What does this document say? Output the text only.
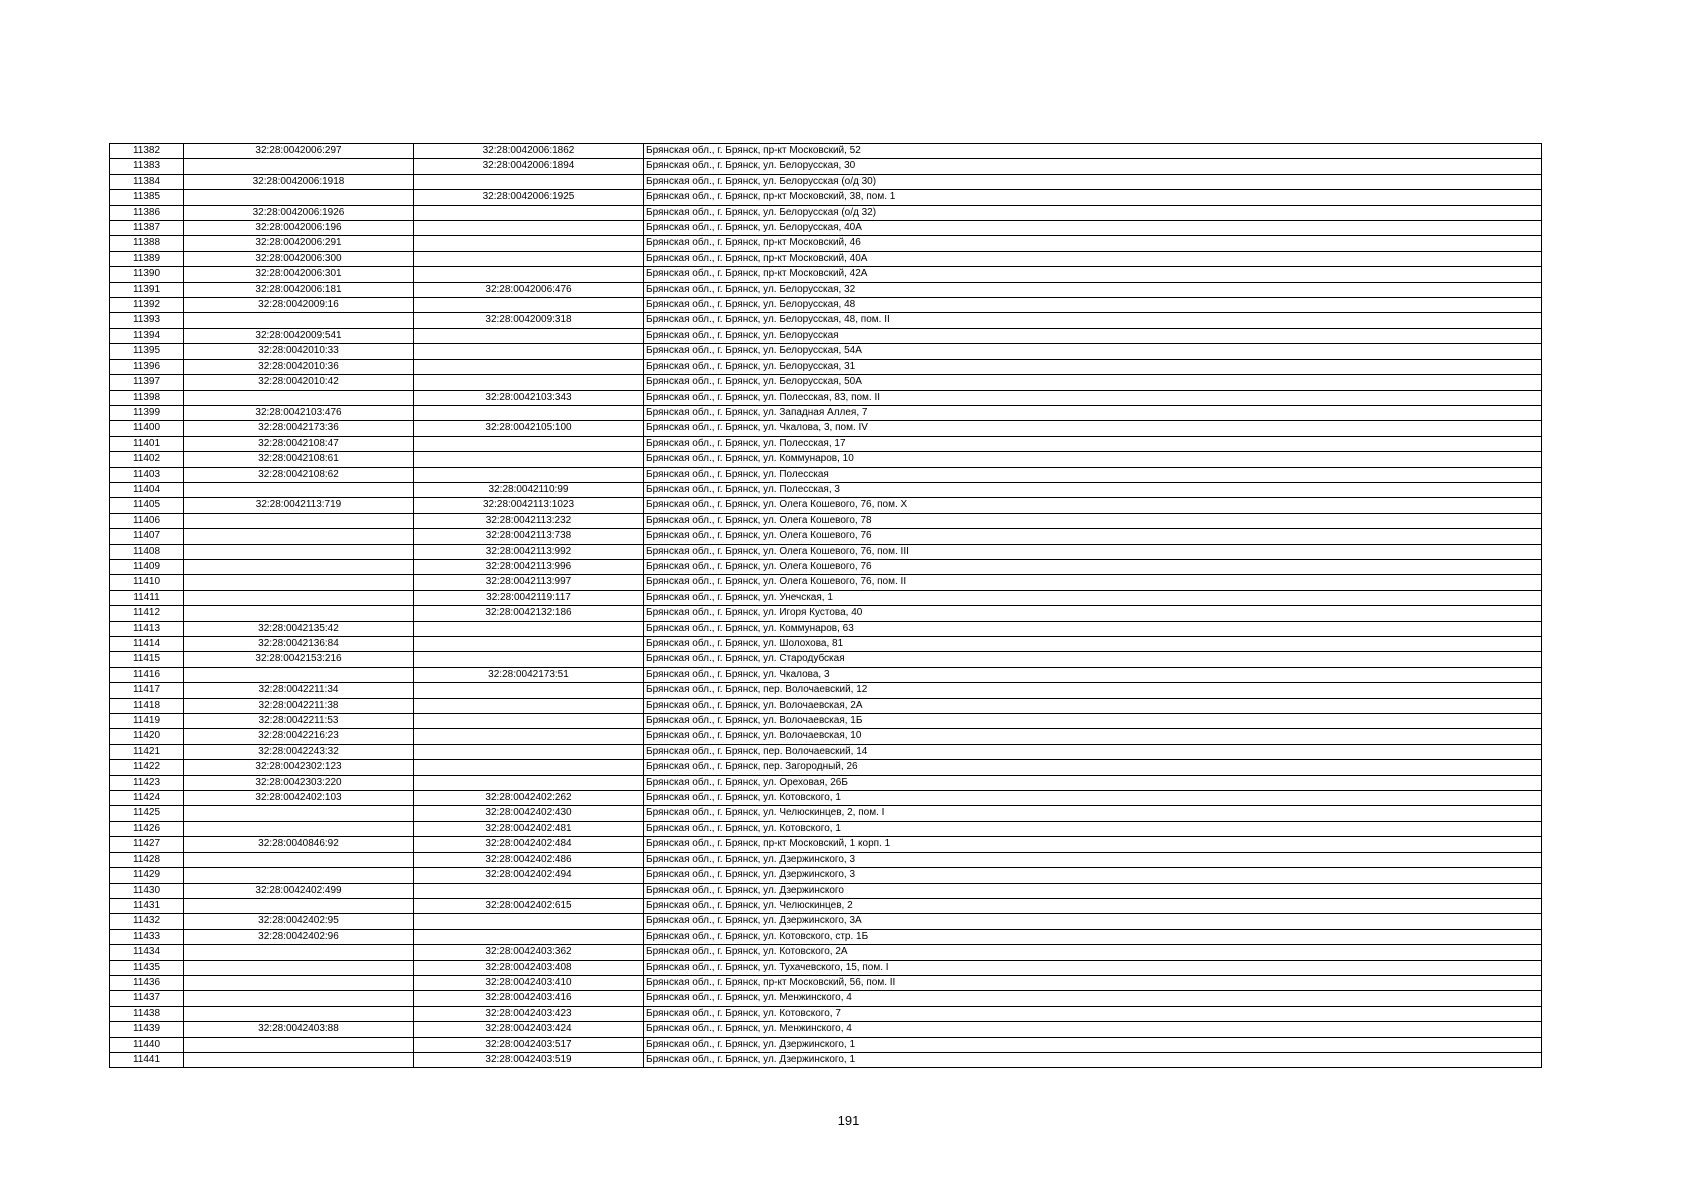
11382	32:28:0042006:297	32:28:0042006:1862	Брянская обл., г. Брянск, пр-кт Московский, 52
11383		32:28:0042006:1894	Брянская обл., г. Брянск, ул. Белорусская, 30
11384	32:28:0042006:1918		Брянская обл., г. Брянск, ул. Белорусская (о/д 30)
11385		32:28:0042006:1925	Брянская обл., г. Брянск, пр-кт Московский, 38, пом. 1
11386	32:28:0042006:1926		Брянская обл., г. Брянск, ул. Белорусская (о/д 32)
11387	32:28:0042006:196		Брянская обл., г. Брянск, ул. Белорусская, 40А
11388	32:28:0042006:291		Брянская обл., г. Брянск, пр-кт Московский, 46
11389	32:28:0042006:300		Брянская обл., г. Брянск, пр-кт Московский, 40А
11390	32:28:0042006:301		Брянская обл., г. Брянск, пр-кт Московский, 42А
11391	32:28:0042006:181	32:28:0042006:476	Брянская обл., г. Брянск, ул. Белорусская, 32
11392	32:28:0042009:16		Брянская обл., г. Брянск, ул. Белорусская, 48
11393		32:28:0042009:318	Брянская обл., г. Брянск, ул. Белорусская, 48, пом. II
11394	32:28:0042009:541		Брянская обл., г. Брянск, ул. Белорусская
11395	32:28:0042010:33		Брянская обл., г. Брянск, ул. Белорусская, 54А
11396	32:28:0042010:36		Брянская обл., г. Брянск, ул. Белорусская, 31
11397	32:28:0042010:42		Брянская обл., г. Брянск, ул. Белорусская, 50А
11398		32:28:0042103:343	Брянская обл., г. Брянск, ул. Полесская, 83, пом. II
11399	32:28:0042103:476		Брянская обл., г. Брянск, ул. Западная Аллея, 7
11400	32:28:0042173:36	32:28:0042105:100	Брянская обл., г. Брянск, ул. Чкалова, 3, пом. IV
11401	32:28:0042108:47		Брянская обл., г. Брянск, ул. Полесская, 17
11402	32:28:0042108:61		Брянская обл., г. Брянск, ул. Коммунаров, 10
11403	32:28:0042108:62		Брянская обл., г. Брянск, ул. Полесская
11404		32:28:0042110:99	Брянская обл., г. Брянск, ул. Полесская, 3
11405	32:28:0042113:719	32:28:0042113:1023	Брянская обл., г. Брянск, ул. Олега Кошевого, 76, пом. X
11406		32:28:0042113:232	Брянская обл., г. Брянск, ул. Олега Кошевого, 78
11407		32:28:0042113:738	Брянская обл., г. Брянск, ул. Олега Кошевого, 76
11408		32:28:0042113:992	Брянская обл., г. Брянск, ул. Олега Кошевого, 76, пом. III
11409		32:28:0042113:996	Брянская обл., г. Брянск, ул. Олега Кошевого, 76
11410		32:28:0042113:997	Брянская обл., г. Брянск, ул. Олега Кошевого, 76, пом. II
11411		32:28:0042119:117	Брянская обл., г. Брянск, ул. Унечская, 1
11412		32:28:0042132:186	Брянская обл., г. Брянск, ул. Игоря Кустова, 40
11413	32:28:0042135:42		Брянская обл., г. Брянск, ул. Коммунаров, 63
11414	32:28:0042136:84		Брянская обл., г. Брянск, ул. Шолохова, 81
11415	32:28:0042153:216		Брянская обл., г. Брянск, ул. Стародубская
11416		32:28:0042173:51	Брянская обл., г. Брянск, ул. Чкалова, 3
11417	32:28:0042211:34		Брянская обл., г. Брянск, пер. Волочаевский, 12
11418	32:28:0042211:38		Брянская обл., г. Брянск, ул. Волочаевская, 2А
11419	32:28:0042211:53		Брянская обл., г. Брянск, ул. Волочаевская, 1Б
11420	32:28:0042216:23		Брянская обл., г. Брянск, ул. Волочаевская, 10
11421	32:28:0042243:32		Брянская обл., г. Брянск, пер. Волочаевский, 14
11422	32:28:0042302:123		Брянская обл., г. Брянск, пер. Загородный, 26
11423	32:28:0042303:220		Брянская обл., г. Брянск, ул. Ореховая, 26Б
11424	32:28:0042402:103	32:28:0042402:262	Брянская обл., г. Брянск, ул. Котовского, 1
11425		32:28:0042402:430	Брянская обл., г. Брянск, ул. Челюскинцев, 2, пом. I
11426		32:28:0042402:481	Брянская обл., г. Брянск, ул. Котовского, 1
11427	32:28:0040846:92	32:28:0042402:484	Брянская обл., г. Брянск, пр-кт Московский, 1 корп. 1
11428		32:28:0042402:486	Брянская обл., г. Брянск, ул. Дзержинского, 3
11429		32:28:0042402:494	Брянская обл., г. Брянск, ул. Дзержинского, 3
11430	32:28:0042402:499		Брянская обл., г. Брянск, ул. Дзержинского
11431		32:28:0042402:615	Брянская обл., г. Брянск, ул. Челюскинцев, 2
11432	32:28:0042402:95		Брянская обл., г. Брянск, ул. Дзержинского, 3А
11433	32:28:0042402:96		Брянская обл., г. Брянск, ул. Котовского, стр. 1Б
11434		32:28:0042403:362	Брянская обл., г. Брянск, ул. Котовского, 2А
11435		32:28:0042403:408	Брянская обл., г. Брянск, ул. Тухачевского, 15, пом. I
11436		32:28:0042403:410	Брянская обл., г. Брянск, пр-кт Московский, 56, пом. II
11437		32:28:0042403:416	Брянская обл., г. Брянск, ул. Менжинского, 4
11438		32:28:0042403:423	Брянская обл., г. Брянск, ул. Котовского, 7
11439	32:28:0042403:88	32:28:0042403:424	Брянская обл., г. Брянск, ул. Менжинского, 4
11440		32:28:0042403:517	Брянская обл., г. Брянск, ул. Дзержинского, 1
11441		32:28:0042403:519	Брянская обл., г. Брянск, ул. Дзержинского, 1
191
